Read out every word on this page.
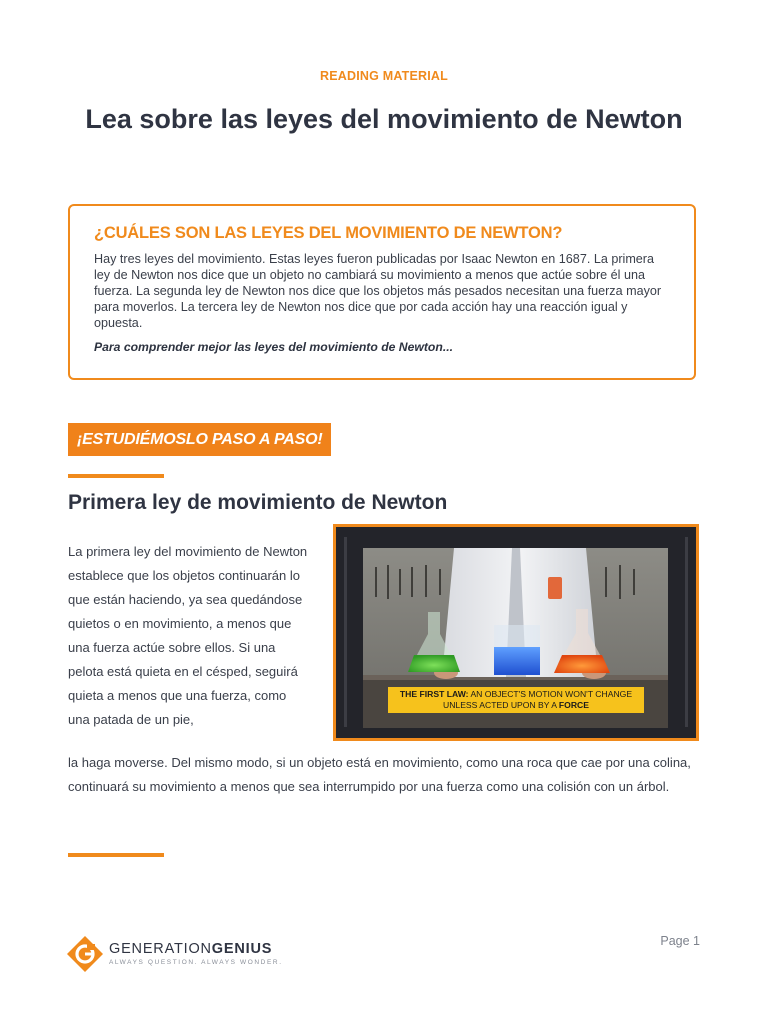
READING MATERIAL
Lea sobre las leyes del movimiento de Newton

¿CUÁLES SON LAS LEYES DEL MOVIMIENTO DE NEWTON?

Hay tres leyes del movimiento. Estas leyes fueron publicadas por Isaac Newton en 1687. La primera ley de Newton nos dice que un objeto no cambiará su movimiento a menos que actúe sobre él una fuerza. La segunda ley de Newton nos dice que los objetos más pesados necesitan una fuerza mayor para moverlos. La tercera ley de Newton nos dice que por cada acción hay una reacción igual y opuesta.

Para comprender mejor las leyes del movimiento de Newton...

¡ESTUDIÉMOSLO PASO A PASO!
Primera ley de movimiento de Newton
THE FIRST LAW: AN OBJECT'S MOTION WON'T CHANGE
UNLESS ACTED UPON BY A FORCE
La primera ley del movimiento de Newton establece que los objetos continuarán lo que están haciendo, ya sea quedándose quietos o en movimiento, a menos que una fuerza actúe sobre ellos. Si una pelota está quieta en el césped, seguirá quieta a menos que una fuerza, como una patada de un pie,
la haga moverse. Del mismo modo, si un objeto está en movimiento, como una roca que cae por una colina, continuará su movimiento a menos que sea interrumpido por una fuerza como una colisión con un árbol.
GENERATIONGENIUS
ALWAYS QUESTION. ALWAYS WONDER.
Page 1
